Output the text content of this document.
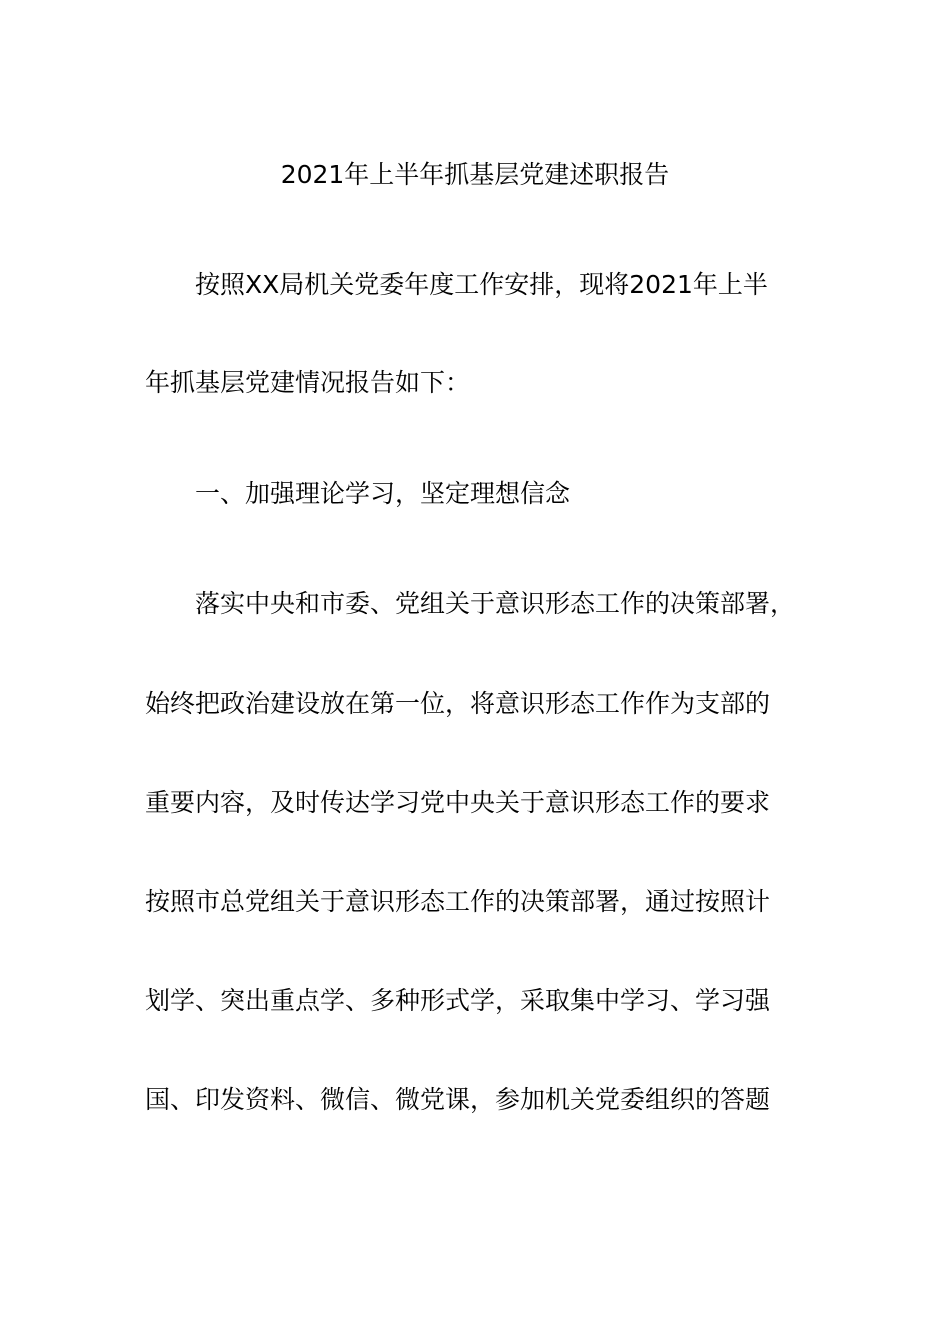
2021年上半年抓基层党建述职报告
按照XX局机关党委年度工作安排，现将2021年上半
年抓基层党建情况报告如下：
一、加强理论学习，坚定理想信念
落实中央和市委、党组关于意识形态工作的决策部署，
始终把政治建设放在第一位，将意识形态工作作为支部的
重要内容，及时传达学习党中央关于意识形态工作的要求
按照市总党组关于意识形态工作的决策部署，通过按照计
划学、突出重点学、多种形式学，采取集中学习、学习强
国、印发资料、微信、微党课，参加机关党委组织的答题
